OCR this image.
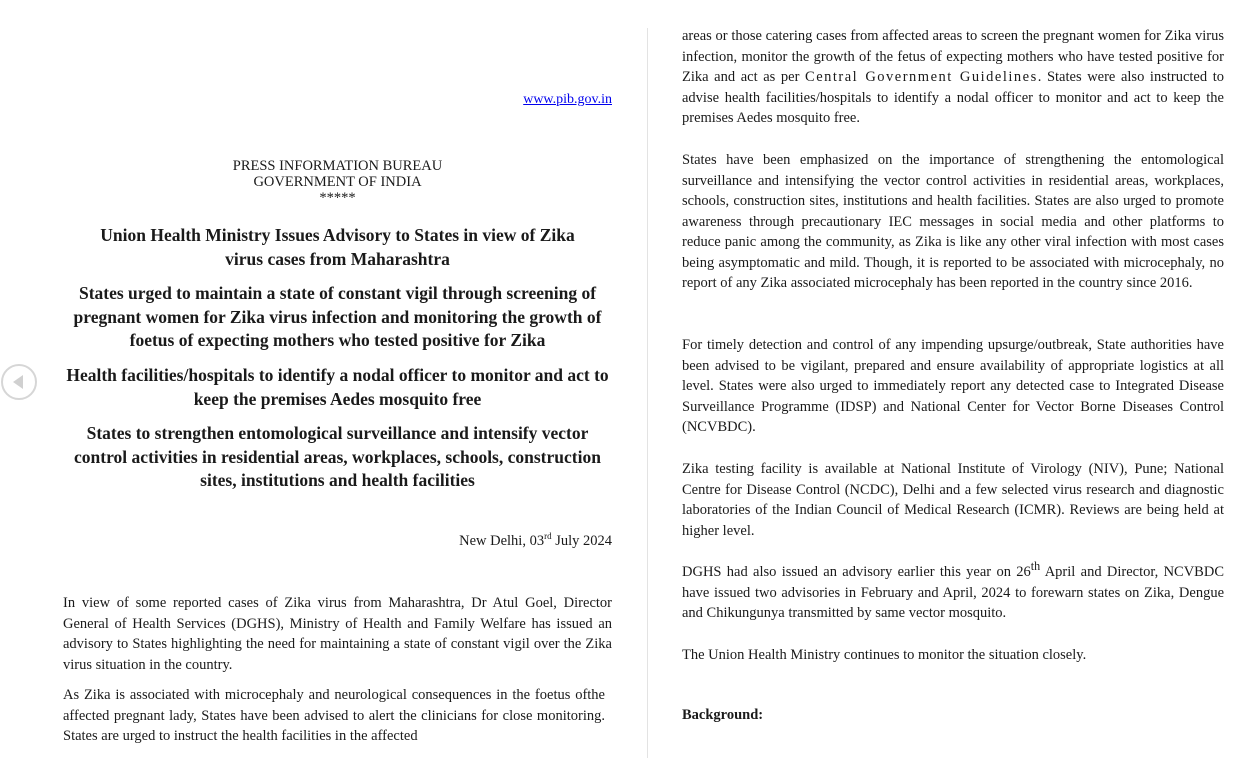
www.pib.gov.in
PRESS INFORMATION BUREAU
GOVERNMENT OF INDIA
*****
Union Health Ministry Issues Advisory to States in view of Zika virus cases from Maharashtra
States urged to maintain a state of constant vigil through screening of pregnant women for Zika virus infection and monitoring the growth of foetus of expecting mothers who tested positive for Zika
Health facilities/hospitals to identify a nodal officer to monitor and act to keep the premises Aedes mosquito free
States to strengthen entomological surveillance and intensify vector control activities in residential areas, workplaces, schools, construction sites, institutions and health facilities
New Delhi, 03rd July 2024

In view of some reported cases of Zika virus from Maharashtra, Dr Atul Goel, Director General of Health Services (DGHS), Ministry of Health and Family Welfare has issued an advisory to States highlighting the need for maintaining a state of constant vigil over the Zika virus situation in the country.

As Zika is associated with microcephaly and neurological consequences in the foetus ofthe affected pregnant lady, States have been advised to alert the clinicians for close monitoring. States are urged to instruct the health facilities in the affected

areas or those catering cases from affected areas to screen the pregnant women for Zika virus infection, monitor the growth of the fetus of expecting mothers who have tested positive for Zika and act as per Central Government Guidelines. States were also instructed to advise health facilities/hospitals to identify a nodal officer to monitor and act to keep the premises Aedes mosquito free.

States have been emphasized on the importance of strengthening the entomological surveillance and intensifying the vector control activities in residential areas, workplaces, schools, construction sites, institutions and health facilities. States are also urged to promote awareness through precautionary IEC messages in social media and other platforms to reduce panic among the community, as Zika is like any other viral infection with most cases being asymptomatic and mild. Though, it is reported to be associated with microcephaly, no report of any Zika associated microcephaly has been reported in the country since 2016.

For timely detection and control of any impending upsurge/outbreak, State authorities have been advised to be vigilant, prepared and ensure availability of appropriate logistics at all level. States were also urged to immediately report any detected case to Integrated Disease Surveillance Programme (IDSP) and National Center for Vector Borne Diseases Control (NCVBDC).

Zika testing facility is available at National Institute of Virology (NIV), Pune; National Centre for Disease Control (NCDC), Delhi and a few selected virus research and diagnostic laboratories of the Indian Council of Medical Research (ICMR). Reviews are being held at higher level.

DGHS had also issued an advisory earlier this year on 26th April and Director, NCVBDC have issued two advisories in February and April, 2024 to forewarn states on Zika, Dengue and Chikungunya transmitted by same vector mosquito.

The Union Health Ministry continues to monitor the situation closely.

Background:
